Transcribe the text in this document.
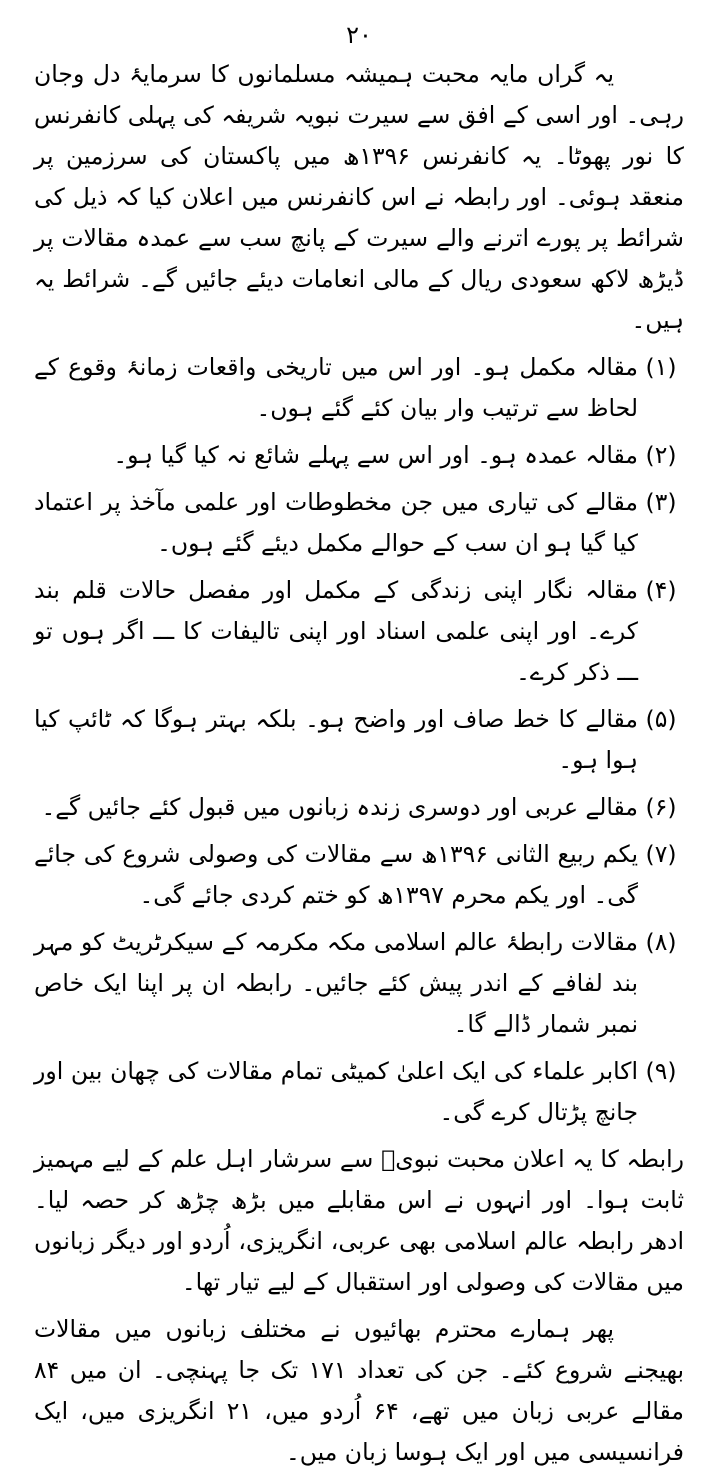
۲۰

یہ گراں مایہ محبت ہمیشہ مسلمانوں کا سرمایۂ دل وجان رہی۔ اور اسی کے افق سے سیرت نبویہ شریفہ کی پہلی کانفرنس کا نور پھوٹا۔ یہ کانفرنس ۱۳۹۶ھ میں پاکستان کی سرزمین پر منعقد ہوئی۔ اور رابطہ نے اس کانفرنس میں اعلان کیا کہ ذیل کی شرائط پر پورے اترنے والے سیرت کے پانچ سب سے عمدہ مقالات پر ڈیڑھ لاکھ سعودی ریال کے مالی انعامات دیئے جائیں گے۔ شرائط یہ ہیں۔

(۱)
مقالہ مکمل ہو۔ اور اس میں تاریخی واقعات زمانۂ وقوع کے لحاظ سے ترتیب وار بیان کئے گئے ہوں۔
(۲)
مقالہ عمدہ ہو۔ اور اس سے پہلے شائع نہ کیا گیا ہو۔
(۳)
مقالے کی تیاری میں جن مخطوطات اور علمی مآخذ پر اعتماد کیا گیا ہو ان سب کے حوالے مکمل دیئے گئے ہوں۔
(۴)
مقالہ نگار اپنی زندگی کے مکمل اور مفصل حالات قلم بند کرے۔ اور اپنی علمی اسناد اور اپنی تالیفات کا ـــ اگر ہوں تو ـــ ذکر کرے۔
(۵)
مقالے کا خط صاف اور واضح ہو۔ بلکہ بہتر ہوگا کہ ٹائپ کیا ہوا ہو۔
(۶)
مقالے عربی اور دوسری زندہ زبانوں میں قبول کئے جائیں گے۔
(۷)
یکم ربیع الثانی ۱۳۹۶ھ سے مقالات کی وصولی شروع کی جائے گی۔ اور یکم محرم ۱۳۹۷ھ کو ختم کردی جائے گی۔
(۸)
مقالات رابطۂ عالم اسلامی مکہ مکرمہ کے سیکرٹریٹ کو مہر بند لفافے کے اندر پیش کئے جائیں۔ رابطہ ان پر اپنا ایک خاص نمبر شمار ڈالے گا۔
(۹)
اکابر علماء کی ایک اعلیٰ کمیٹی تمام مقالات کی چھان بین اور جانچ پڑتال کرے گی۔

رابطہ کا یہ اعلان محبت نبویؐ سے سرشار اہل علم کے لیے مہمیز ثابت ہوا۔ اور انہوں نے اس مقابلے میں بڑھ چڑھ کر حصہ لیا۔ ادھر رابطہ عالم اسلامی بھی عربی، انگریزی، اُردو اور دیگر زبانوں میں مقالات کی وصولی اور استقبال کے لیے تیار تھا۔

پھر ہمارے محترم بھائیوں نے مختلف زبانوں میں مقالات بھیجنے شروع کئے۔ جن کی تعداد ۱۷۱ تک جا پہنچی۔ ان میں ۸۴ مقالے عربی زبان میں تھے، ۶۴ اُردو میں، ۲۱ انگریزی میں، ایک فرانسیسی میں اور ایک ہوسا زبان میں۔
